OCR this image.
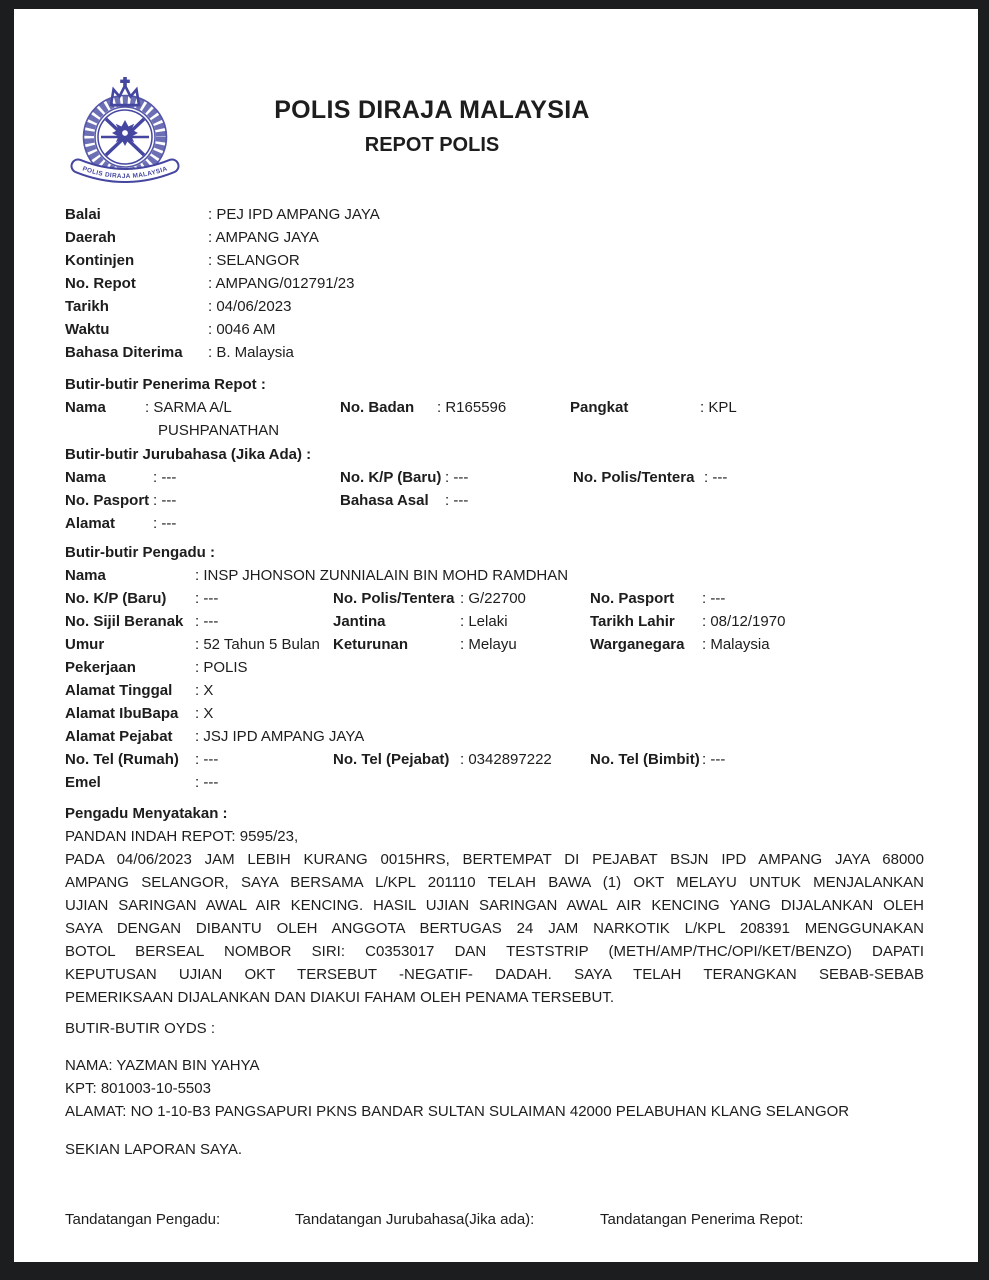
POLIS DIRAJA MALAYSIA
POLIS DIRAJA MALAYSIA
REPOT POLIS
Balai	: PEJ IPD AMPANG JAYA
Daerah	: AMPANG JAYA
Kontinjen	: SELANGOR
No. Repot	: AMPANG/012791/23
Tarikh	: 04/06/2023
Waktu	: 0046 AM
Bahasa Diterima	: B. Malaysia
Butir-butir Penerima Repot :
Nama	: SARMA A/L PUSHPANATHAN
No. Badan	: R165596	Pangkat	: KPL
Butir-butir Jurubahasa (Jika Ada) :
Nama	: ---	No. K/P (Baru) : ---	No. Polis/Tentera	: ---
No. Pasport : ---	Bahasa Asal	: ---
Alamat	: ---
Butir-butir Pengadu :
Nama	: INSP JHONSON ZUNNIALAIN BIN MOHD RAMDHAN
No. K/P (Baru)	: ---	No. Polis/Tentera : G/22700	No. Pasport	: ---
No. Sijil Beranak	: ---	Jantina	: Lelaki	Tarikh Lahir	: 08/12/1970
Umur	: 52 Tahun 5 Bulan Keturunan	: Melayu	Warganegara	: Malaysia
Pekerjaan	: POLIS
Alamat Tinggal	: X
Alamat IbuBapa	: X
Alamat Pejabat	: JSJ IPD AMPANG JAYA
No. Tel (Rumah)	: ---	No. Tel (Pejabat)	: 0342897222	No. Tel (Bimbit) : ---
Emel	: ---
Pengadu Menyatakan :

PANDAN INDAH REPOT: 9595/23,

PADA 04/06/2023 JAM LEBIH KURANG 0015HRS, BERTEMPAT DI PEJABAT BSJN IPD AMPANG JAYA 68000

AMPANG SELANGOR, SAYA BERSAMA L/KPL 201110 TELAH BAWA (1) OKT MELAYU UNTUK MENJALANKAN

UJIAN SARINGAN AWAL AIR KENCING. HASIL UJIAN SARINGAN AWAL AIR KENCING YANG DIJALANKAN OLEH

SAYA DENGAN DIBANTU OLEH ANGGOTA BERTUGAS 24 JAM NARKOTIK L/KPL 208391 MENGGUNAKAN

BOTOL BERSEAL NOMBOR SIRI: C0353017 DAN TESTSTRIP (METH/AMP/THC/OPI/KET/BENZO) DAPATI

KEPUTUSAN UJIAN OKT TERSEBUT -NEGATIF- DADAH. SAYA TELAH TERANGKAN SEBAB-SEBAB

PEMERIKSAAN DIJALANKAN DAN DIAKUI FAHAM OLEH PENAMA TERSEBUT.

BUTIR-BUTIR OYDS :

NAMA: YAZMAN BIN YAHYA

KPT: 801003-10-5503

ALAMAT: NO 1-10-B3 PANGSAPURI PKNS BANDAR SULTAN SULAIMAN 42000 PELABUHAN KLANG SELANGOR

SEKIAN LAPORAN SAYA.
Tandatangan Pengadu:	Tandatangan Jurubahasa(Jika ada):	Tandatangan Penerima Repot:
